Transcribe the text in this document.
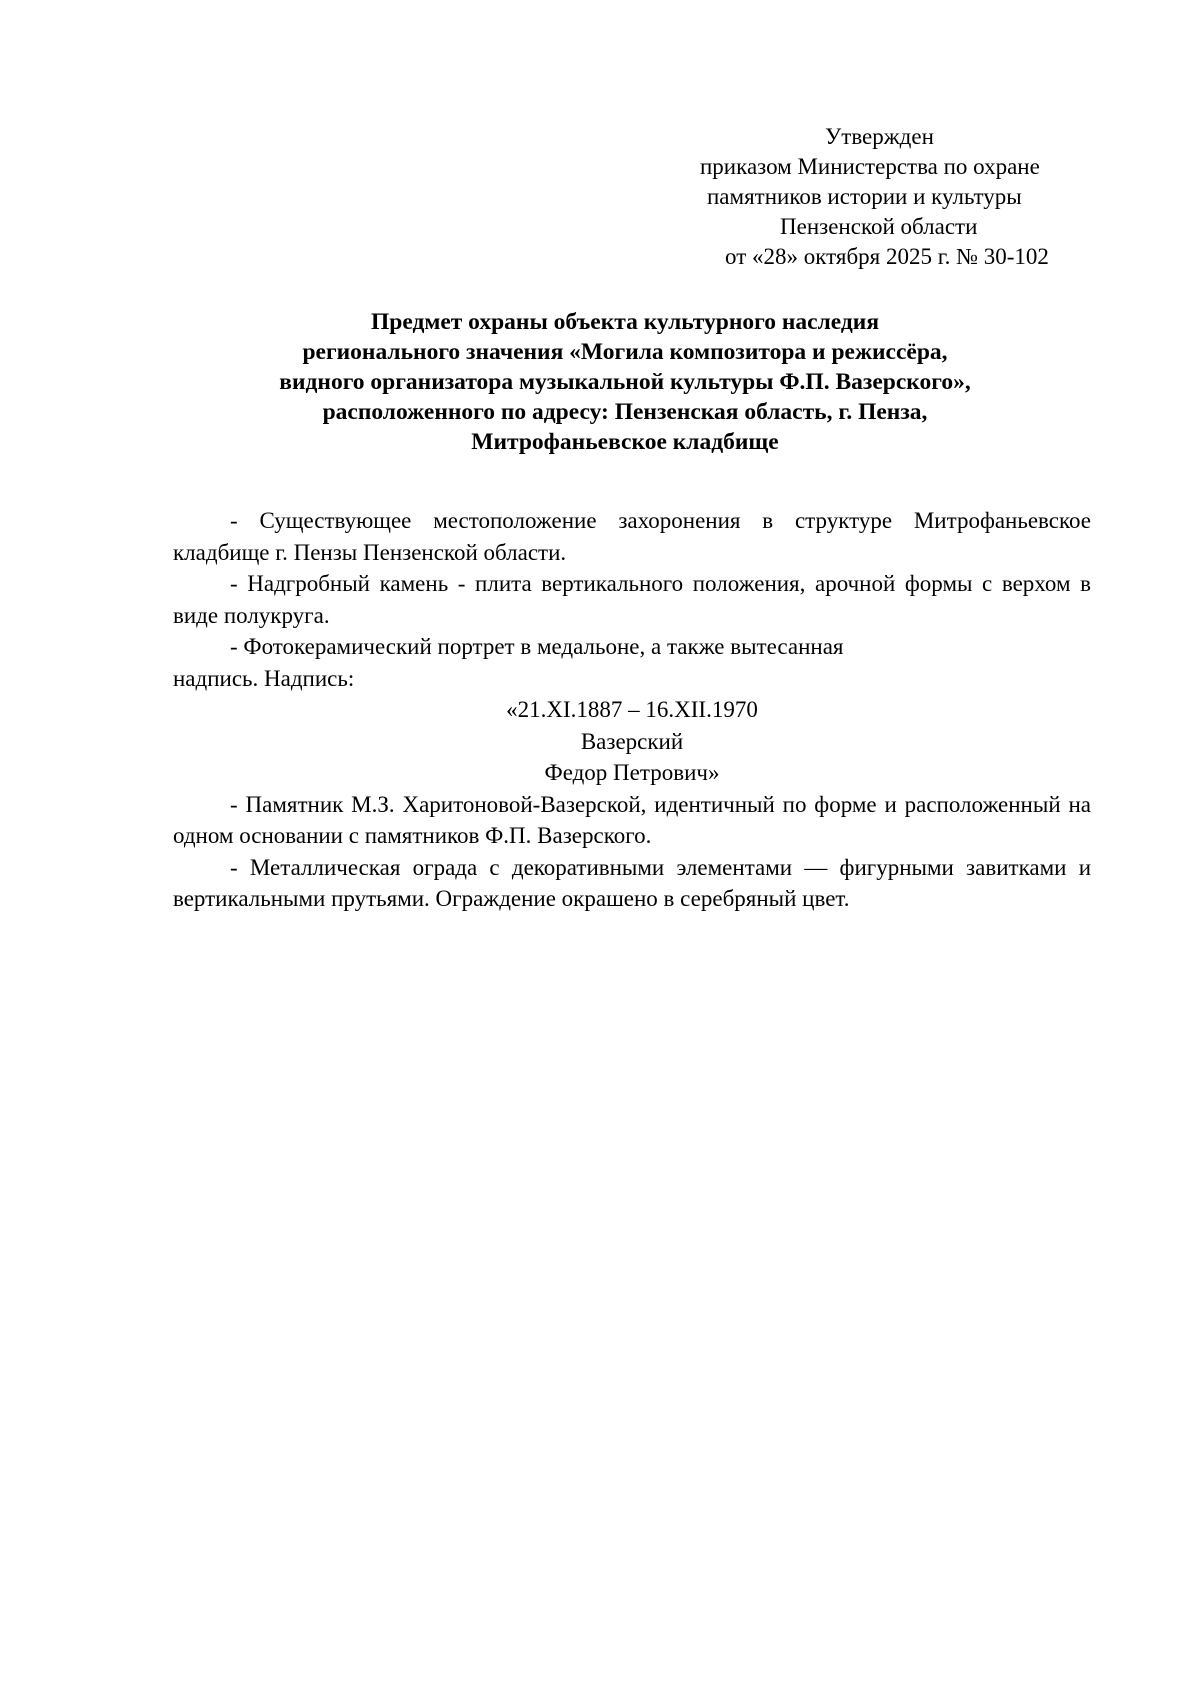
Утвержден
приказом Министерства по охране
памятников истории и культуры
Пензенской области
от «28» октября 2025 г. № 30-102
Предмет охраны объекта культурного наследия
регионального значения «Могила композитора и режиссёра,
видного организатора музыкальной культуры Ф.П. Вазерского»,
расположенного по адресу: Пензенская область, г. Пенза,
Митрофаньевское кладбище

- Существующее местоположение захоронения в структуре Митрофаньевское кладбище г. Пензы Пензенской области.

- Надгробный камень - плита вертикального положения, арочной формы с верхом в виде полукруга.

- Фотокерамический портрет в медальоне, а также вытесанная

надпись. Надпись:

«21.XI.1887 – 16.XII.1970
Вазерский
Федор Петрович»

- Памятник М.З. Харитоновой-Вазерской, идентичный по форме и расположенный на одном основании с памятников Ф.П. Вазерского.

- Металлическая ограда с декоративными элементами — фигурными завитками и вертикальными прутьями. Ограждение окрашено в серебряный цвет.
